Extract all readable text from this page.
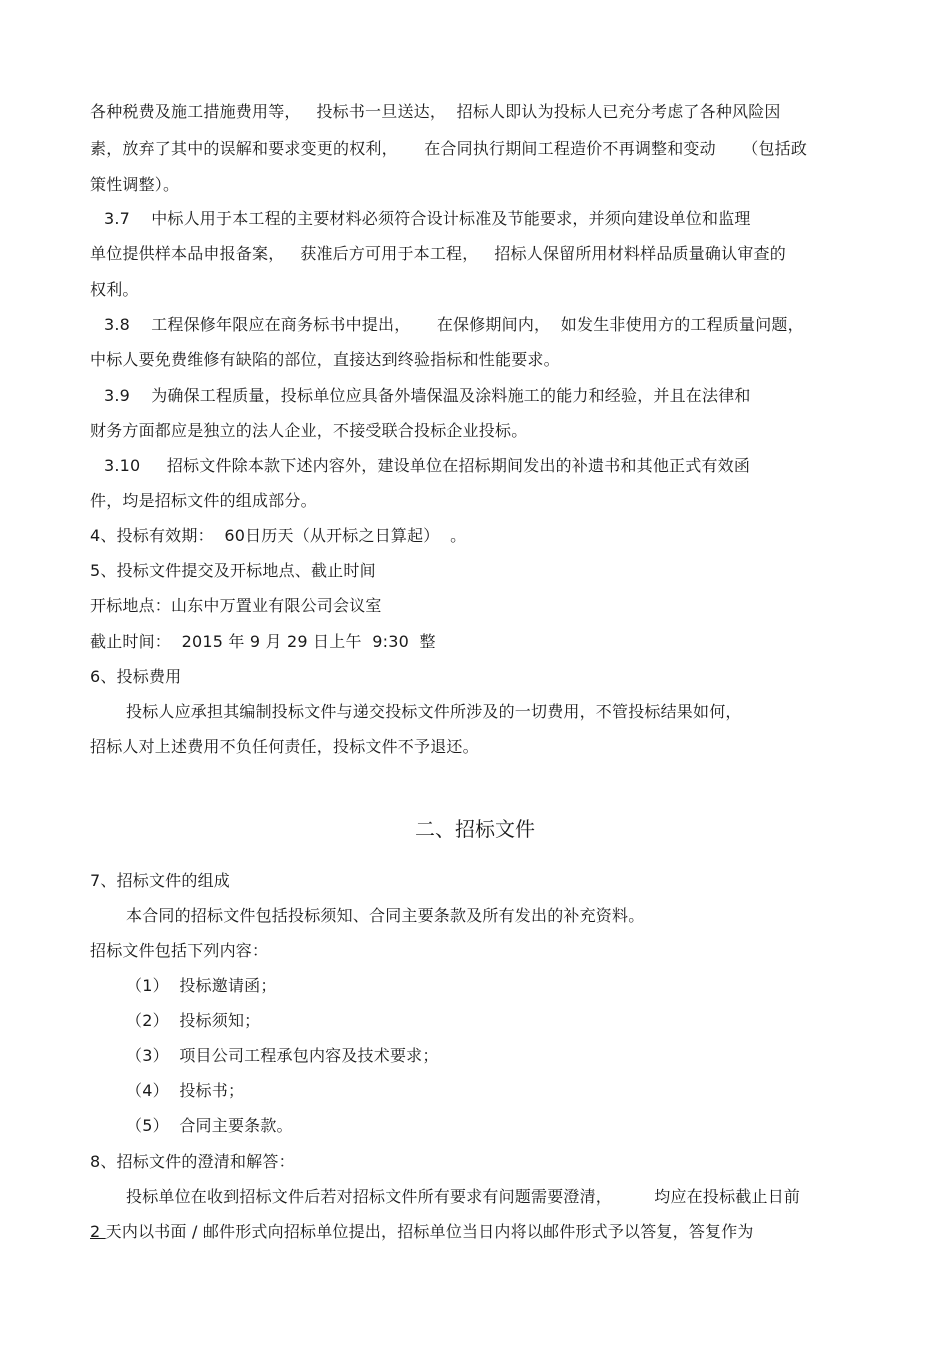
各种税费及施工措施费用等，   投标书一旦送达，  招标人即认为投标人已充分考虑了各种风险因
素，放弃了其中的误解和要求变更的权利，     在合同执行期间工程造价不再调整和变动     （包括政
策性调整）。
3.7    中标人用于本工程的主要材料必须符合设计标准及节能要求，并须向建设单位和监理
单位提供样本品申报备案，   获准后方可用于本工程，   招标人保留所用材料样品质量确认审查的
权利。
3.8    工程保修年限应在商务标书中提出，     在保修期间内，  如发生非使用方的工程质量问题，
中标人要免费维修有缺陷的部位，直接达到终验指标和性能要求。
3.9    为确保工程质量，投标单位应具备外墙保温及涂料施工的能力和经验，并且在法律和
财务方面都应是独立的法人企业，不接受联合投标企业投标。
3.10     招标文件除本款下述内容外，建设单位在招标期间发出的补遗书和其他正式有效函
件，均是招标文件的组成部分。
4、投标有效期：  60日历天（从开标之日算起）  。
5、投标文件提交及开标地点、截止时间
开标地点：山东中万置业有限公司会议室
截止时间：  2015 年 9 月 29 日上午  9:30  整
6、投标费用
投标人应承担其编制投标文件与递交投标文件所涉及的一切费用，不管投标结果如何，
招标人对上述费用不负任何责任，投标文件不予退还。
二、招标文件
7、招标文件的组成
本合同的招标文件包括投标须知、合同主要条款及所有发出的补充资料。
招标文件包括下列内容：
（1）  投标邀请函；
（2）  投标须知；
（3）  项目公司工程承包内容及技术要求；
（4）  投标书；
（5）  合同主要条款。
8、招标文件的澄清和解答：
投标单位在收到招标文件后若对招标文件所有要求有问题需要澄清，        均应在投标截止日前
2 天内以书面 / 邮件形式向招标单位提出，招标单位当日内将以邮件形式予以答复，答复作为
